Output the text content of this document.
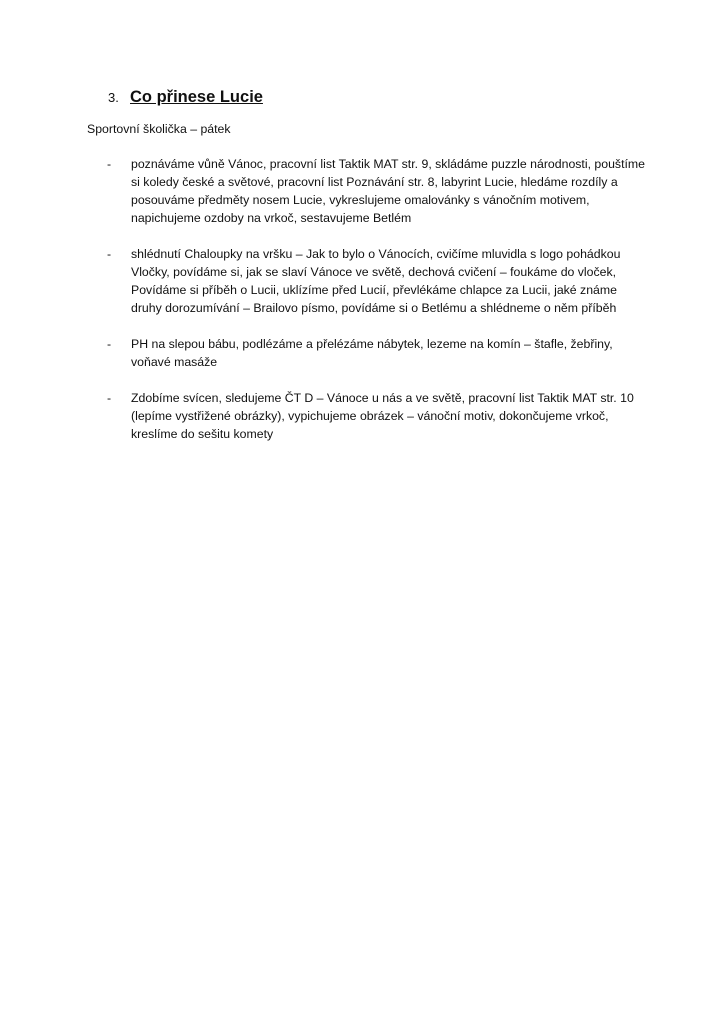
3. Co přinese Lucie
Sportovní školička – pátek
-	poznáváme vůně Vánoc, pracovní list Taktik MAT str. 9, skládáme puzzle národnosti, pouštíme si koledy české a světové, pracovní list Poznávání str. 8, labyrint Lucie, hledáme rozdíly a posouváme předměty nosem Lucie, vykreslujeme omalovánky s vánočním motivem, napichujeme ozdoby na vrkoč, sestavujeme Betlém
-	shlédnutí Chaloupky na vršku – Jak to bylo o Vánocích, cvičíme mluvidla s logo pohádkou Vločky, povídáme si, jak se slaví Vánoce ve světě, dechová cvičení – foukáme do vloček, Povídáme si příběh o Lucii, uklízíme před Lucií, převlékáme chlapce za Lucii, jaké známe druhy dorozumívání – Brailovo písmo, povídáme si o Betlému a shlédneme o něm příběh
-	PH na slepou bábu, podlézáme a přelézáme nábytek, lezeme na komín – štafle, žebřiny, voňavé masáže
-	Zdobíme svícen, sledujeme ČT D – Vánoce u nás a ve světě, pracovní list Taktik MAT str. 10 (lepíme vystřižené obrázky), vypichujeme obrázek – vánoční motiv, dokončujeme vrkoč, kreslíme do sešitu komety
